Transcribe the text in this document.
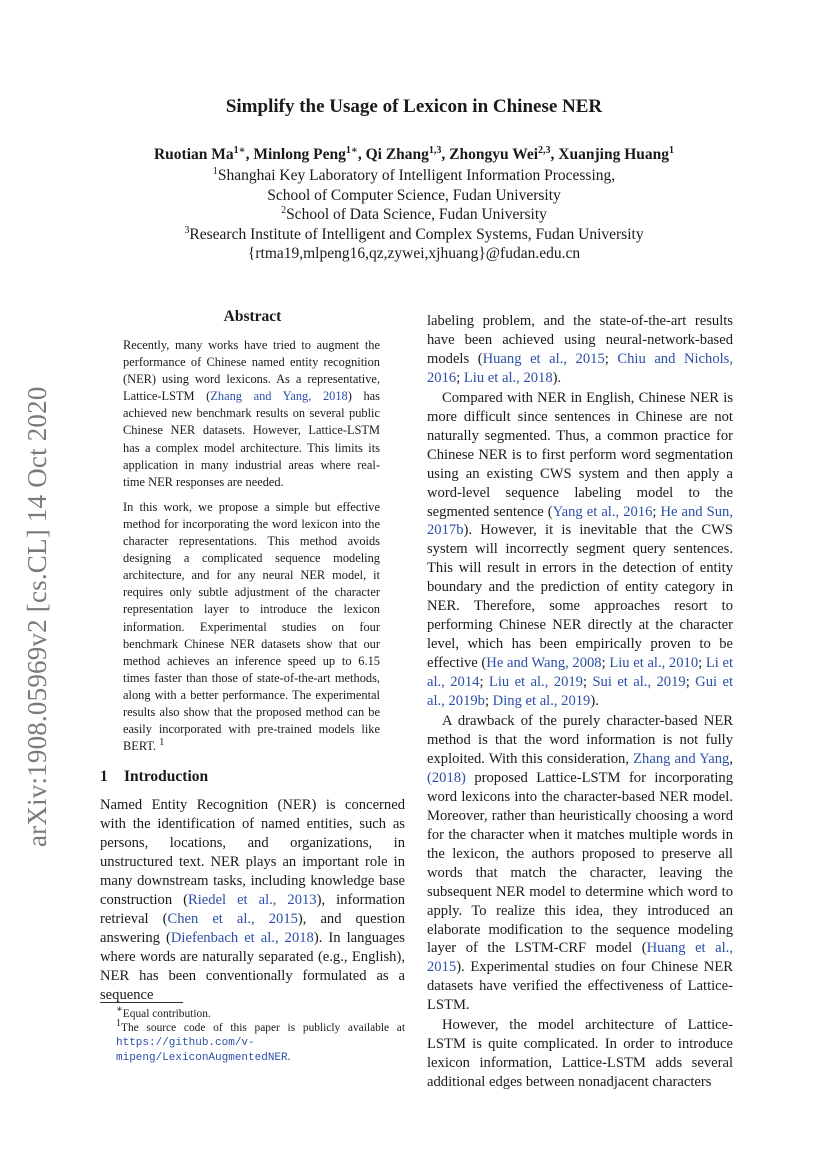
arXiv:1908.05969v2 [cs.CL] 14 Oct 2020
Simplify the Usage of Lexicon in Chinese NER
Ruotian $Ma^{1∗}$, Minlong Peng$^{1∗}$, Qi Zhang$^{1,3}$, Zhongyu Wei$^{2,3}$, Xuanjing Huang$^1$
$^1$Shanghai Key Laboratory of Intelligent Information Processing,
School of Computer Science, Fudan University
$^2$School of Data Science, Fudan University
$^3$Research Institute of Intelligent and Complex Systems, Fudan University
{rtma19,mlpeng16,qz,zywei,xjhuang}@fudan.edu.cn
Abstract

Recently, many works have tried to augment the performance of Chinese named entity recognition (NER) using word lexicons. As a representative, Lattice-LSTM (Zhang and Yang, 2018) has achieved new benchmark results on several public Chinese NER datasets. However, Lattice-LSTM has a complex model architecture. This limits its application in many industrial areas where real-time NER responses are needed.

In this work, we propose a simple but effective method for incorporating the word lexicon into the character representations. This method avoids designing a complicated sequence modeling architecture, and for any neural NER model, it requires only subtle adjustment of the character representation layer to introduce the lexicon information. Experimental studies on four benchmark Chinese NER datasets show that our method achieves an inference speed up to 6.15 times faster than those of state-of-the-art methods, along with a better performance. The experimental results also show that the proposed method can be easily incorporated with pre-trained models like BERT. $^1$

1 Introduction

Named Entity Recognition (NER) is concerned with the identification of named entities, such as persons, locations, and organizations, in unstructured text. NER plays an important role in many downstream tasks, including knowledge base construction (Riedel et al., 2013), information retrieval (Chen et al., 2015), and question answering (Diefenbach et al., 2018). In languages where words are naturally separated (e.g., English), NER has been conventionally formulated as a sequence

∗Equal contribution.

$^1$The source code of this paper is publicly available at https://github.com/v-mipeng/LexiconAugmentedNER.

labeling problem, and the state-of-the-art results have been achieved using neural-network-based models (Huang et al., 2015; Chiu and Nichols, 2016; Liu et al., 2018).

Compared with NER in English, Chinese NER is more difficult since sentences in Chinese are not naturally segmented. Thus, a common practice for Chinese NER is to first perform word segmentation using an existing CWS system and then apply a word-level sequence labeling model to the segmented sentence (Yang et al., 2016; He and Sun, 2017b). However, it is inevitable that the CWS system will incorrectly segment query sentences. This will result in errors in the detection of entity boundary and the prediction of entity category in NER. Therefore, some approaches resort to performing Chinese NER directly at the character level, which has been empirically proven to be effective (He and Wang, 2008; Liu et al., 2010; Li et al., 2014; Liu et al., 2019; Sui et al., 2019; Gui et al., 2019b; Ding et al., 2019).

A drawback of the purely character-based NER method is that the word information is not fully exploited. With this consideration, Zhang and Yang, (2018) proposed Lattice-LSTM for incorporating word lexicons into the character-based NER model. Moreover, rather than heuristically choosing a word for the character when it matches multiple words in the lexicon, the authors proposed to preserve all words that match the character, leaving the subsequent NER model to determine which word to apply. To realize this idea, they introduced an elaborate modification to the sequence modeling layer of the LSTM-CRF model (Huang et al., 2015). Experimental studies on four Chinese NER datasets have verified the effectiveness of Lattice-LSTM.

However, the model architecture of Lattice-LSTM is quite complicated. In order to introduce lexicon information, Lattice-LSTM adds several additional edges between nonadjacent characters
